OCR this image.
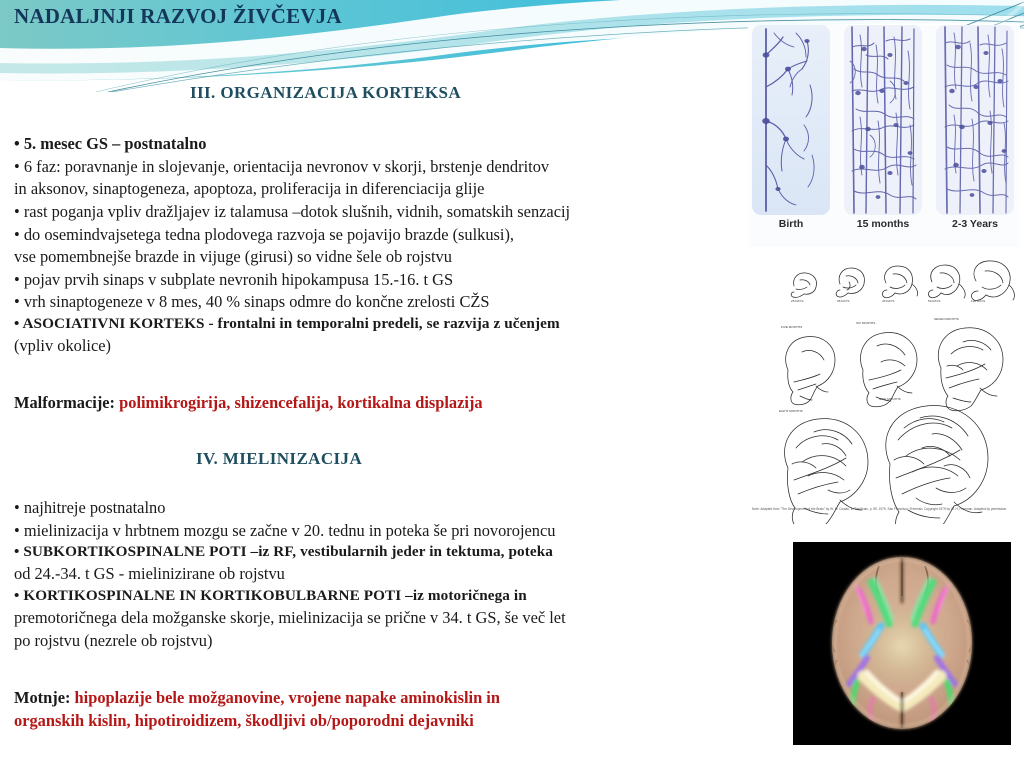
NADALJNJI RAZVOJ ŽIVČEVJA
III. ORGANIZACIJA KORTEKSA
• 5. mesec GS – postnatalno
• 6 faz: poravnanje in slojevanje, orientacija nevronov v skorji, brstenje dendritov
in aksonov, sinaptogeneza, apoptoza, proliferacija in diferenciacija glije
• rast poganja vpliv dražljajev iz talamusa –dotok slušnih, vidnih, somatskih senzacij
• do osemindvajsetega tedna plodovega razvoja se pojavijo brazde (sulkusi),
vse pomembnejše brazde in vijuge (girusi) so vidne šele ob rojstvu
• pojav prvih sinaps v subplate nevronih hipokampusa 15.-16. t GS
• vrh sinaptogeneze v 8 mes, 40 % sinaps odmre do končne zrelosti CŽS
• ASOCIATIVNI KORTEKS - frontalni in temporalni predeli, se razvija z učenjem
(vpliv okolice)
Malformacije: polimikrogirija, shizencefalija, kortikalna displazija
IV. MIELINIZACIJA
• najhitreje postnatalno
• mielinizacija v hrbtnem mozgu se začne v 20. tednu in poteka še pri novorojencu
• SUBKORTIKOSPINALNE POTI –iz RF, vestibularnih jeder in tektuma, poteka
od 24.-34. t GS - mielinizirane ob rojstvu
• KORTIKOSPINALNE IN KORTIKOBULBARNE POTI –iz motoričnega in
premotoričnega dela možganske skorje, mielinizacija se prične v 34. t GS, še več let
po rojstvu (nezrele ob rojstvu)
Motnje: hipoplazije bele možganovine, vrojene napake aminokislin in
organskih kislin, hipotiroidizem, škodljivi ob/poporodni dejavniki
Birth	15 months	2-3 Years
25 DAYS	35 DAYS	40 DAYS	50 DAYS	100 DAYS
FIVE MONTHS
SIX MONTHS
SEVEN MONTHS
EIGHT MONTHS
NINE MONTHS
Note: Adapted from "The Development of the Brain" by W. M. Cowan, in The Brain, p. 59, 1979, San Francisco: Freeman. Copyright 1979 by W. H. Freeman. Adapted by permission.
